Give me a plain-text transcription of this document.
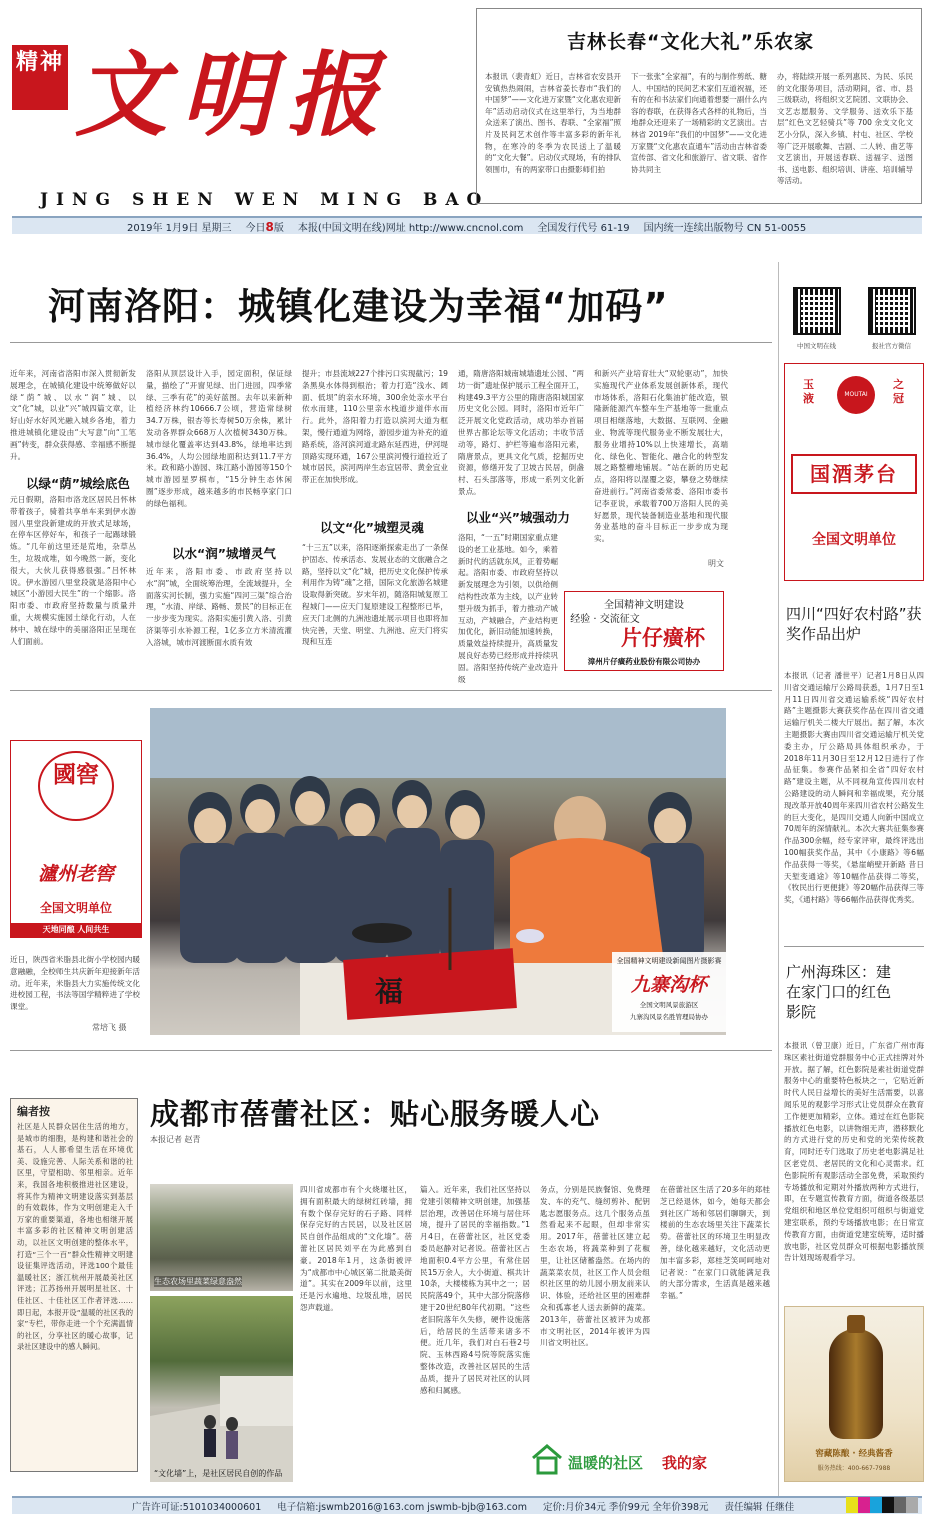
精神 文明报
JING SHEN WEN MING BAO
2019年 1月9日 星期三 今日8版 本报(中国文明在线)网址 http://www.cncnol.com 全国发行代号 61-19 国内统一连续出版物号 CN 51-0055
吉林长春“文化大礼”乐农家
本报讯（裴青虹）近日，吉林省农安县开安镇热热闹闹，吉林省姜长春市“我们的中国梦”——文化进万家暨“文化惠农迎新年”活动启动仪式在这里举行，为当地群众送来了演出、图书、春联、“全家福”照片及民间艺术创作等丰富多彩的新年礼物，在寒冷的冬季为农民送上了温暖的“文化大餐”。启动仪式现场，有的排队领围巾，有的两家带口由摄影师们拍
下一张张“全家福”，有的与制作剪纸、糖人、中国结的民间艺术家们互道祝福，还有的在和书法家们向通着想要一副什么内容的春联，在获得各式各样的礼物后，当地群众还迎来了一场精彩的文艺演出。吉林省 2019年“我们的中国梦”——文化进万家暨“文化惠农直通车”活动由吉林省委宣传部、省文化和旅游厅、省文联、省作协共同主
办，将陆续开展一系列惠民、为民、乐民的文化服务项目，活动期间，省、市、县三级联动，将组织文艺院团、文联协会、文艺志愿服务、文学服务、送欢乐下基层“红色文艺轻骑兵”等 700 余支文化文艺小分队，深入乡镇、村屯、社区、学校等广泛开展歌舞、吉剧、二人转、曲艺等文艺演出，开展送春联、送福字、送图书、送电影、组织培训、讲座、培训辅导等活动。
河南洛阳：城镇化建设为幸福“加码”
近年来，河南省洛阳市深入贯彻新发展理念，在城镇化建设中统筹做好以绿“荫”城、以水“润”城、以文“化”城，以业“兴”城四篇文章，让好山好水好风光融入城乡各地，着力推进城镇化建设由“大写意”向“工笔画”转变，群众获得感、幸福感不断提升。
以绿“荫”城绘底色
元日假期，洛阳市洛龙区居民吕怀林带着孩子，骑着共享单车来到伊水游园八里堂段新建成的开放式足球场，在停车区停好车，和孩子一起踢球锻炼。“几年前这里还是荒地，杂草丛生，垃圾成堆，如今晚然一新，变化很大，大伙儿获得感很强。”吕怀林说。伊水游园八里堂段就是洛阳中心城区“小游园大民生”的一个缩影。洛阳市委、市政府坚持数量与质量并重，大规模实施园土绿化行动，人在林中、城在绿中的美丽洛阳正呈现在人们面前。
洛阳从顶层设计入手，园定面积，保证绿量，描绘了“开窗见绿、出门进园，四季常绿、三季有花”的美好蓝图。去年以来新种植经济林约10666.7公顷，营造常绿树34.7万株，银杏等长寿树50万余株，累计发动各界群众668万人次植树3430万株。城市绿化覆盖率达到43.8%，绿地率达到36.4%，人均公园绿地面积达到11.7平方米。政和路小游园、珠江路小游园等150个城市游园星罗棋布，“15分钟生态休闲圈”逐步形成，越来越多的市民畅享家门口的绿色福利。
以水“润”城增灵气
近年来，洛阳市委、市政府坚持以水“润”城，全面统筹治理，全流域提升，全面落实河长制，强力实施“四河三渠”综合治理，“水清、岸绿、路畅、景民”的目标正在一步步变为现实。洛阳实施引黄入洛、引黄济渠等引水补源工程，1亿多立方米清流灌入洛城，城市河渡断面水质有效
提升；市县流域227个排污口实现截污；19条黑臭水体得到根治；着力打造“浅水、阔面、低坝”的亲水环境，300余处亲水平台依水而建，110公里亲水栈道步道伴水而行。此外，洛阳着力打造以滨河大道为框架，慢行通道为网络，游园步道为补充的道路系统，洛河滨河道北路东延西进，伊河堤顶路实现环通，167公里滨河慢行道拉近了城市居民，滨河两岸生态宜居带、黄金宜业带正在加快形成。
以文“化”城塑灵魂
“十三五”以来，洛阳逐渐探索走出了一条保护固态、传承活态、发展业态的文旅融合之路，坚持以文“化”城，把历史文化保护传承利用作为铸“魂”之措，国际文化旅游名城建设取得新突破。岁末年初，随洛阳城复原工程城门——应天门复原建设工程整形已毕，应天门北侧的九洲池遗址展示项目也即将加快完善，天堂、明堂、九洲池、应天门将实现和互连
通，隋唐洛阳城南城墙遗址公园、“两坊一街”遗址保护展示工程全面开工，构建49.3平方公里的隋唐洛阳城国家历史文化公园。同时，洛阳市近年广泛开展文化党政活动，成功举办首届世界古都论坛等文化活动；丰收节活动等，路灯、护栏等遍布洛阳元素，隋唐景点，更具文化气质，挖掘历史资源，修缮开发了卫坡古民居，倒盏村、石头部落等，形成一系列文化新景点。
以业“兴”城强动力
洛阳，“一五”时期国家重点建设的老工业基地。如今，乘着新时代的活就东风，正着势崛起。洛阳市委、市政府坚持以新发展理念为引领，以供给侧结构性改革为主线，以产业转型升级为抓手，着力推动产城互动，产城融合，产业结构更加优化，新旧动能加速转换，质量效益持续提升，高质量发展良好态势已经形成并持续巩固。洛阳坚持传统产业改造升级
和新兴产业培育壮大“双轮驱动”，加快实施现代产业体系发展创新体系，现代市场体系，洛阳石化集油扩能改造，银隆新能源汽车整车生产基地等一批重点项目相继落地，大数据、互联网、金融业、物流等现代服务业不断发展壮大，服务业增持10%以上快速增长，高端化、绿色化、智能化、融合化的转型发展之路整槽地铺展。“站在新的历史起点，洛阳将以湿覆之姿，攀登之势继续奋进前行。”河南省委常委、洛阳市委书记李亚说，承载着700万洛阳人民的美好愿景，现代装备制造业基地和现代服务业基地的奋斗目标正一步步成为现实。
明文
全国精神文明建设
经验 · 交流征文
片仔癀杯
漳州片仔癀药业股份有限公司协办
中国文明在线	报社官方微信
玉液	MOUTAI
之冠
国酒茅台
全国文明单位
四川“四好农村路”获奖作品出炉
本报讯（记者 潘世平）记者1月8日从四川省交通运输厅公路局获悉，1月7日至1月11日四川省交通运输系统“四好农村路”主题摄影大赛获奖作品在四川省交通运输厅机关二楼大厅展出。据了解，本次主题摄影大赛由四川省交通运输厅机关党委主办，厅公路局具体组织承办，于2018年11月30日至12月12日进行了作品征集。参赛作品紧扣全省“四好农村路”建设主题，从不同视角宣传四川农村公路建设的动人瞬间和幸福成果，充分展现改革开放40周年来四川省农村公路发生的巨大变化，是四川交通人向新中国成立70周年的深情献礼。本次大赛共征集参赛作品300余幅，经专家评审，最终评选出100幅获奖作品，其中《小康路》等6幅作品获得一等奖，《悬崖峭壁开新路 昔日天堑变通途》等10幅作品获得二等奖，《牧民出行更便捷》等20幅作品获得三等奖，《通村路》等66幅作品获得优秀奖。
广州海珠区：建在家门口的红色影院
本报讯（曾卫康）近日，广东省广州市海珠区素社街道党群服务中心正式挂牌对外开放。据了解，红色影院是素社街道党群服务中心的重要特色板块之一，它贴近新时代人民日益增长的美好生活需要，以喜闻乐见的观影学习形式让党员群众在教育工作便更加精彩，立体。通过在红色影院播放红色电影，以讲物细无声，潜移默化的方式进行党的历史和党的光荣传统教育，同时还专门选取了历史老电影满足社区老党员、老居民的文化和心灵需求。红色影院所有观影活动全部免费，采取预约专场播放和定期对外播放两种方式进行，即，在专题宣传教育方面，街道各级基层党组织和地区单位党组织可组织与街道党建室联系，预约专场播放电影；在日常宣传教育方面，由街道党建室统筹，适时播放电影，社区党员群众可根据电影播放预告计划现场观看学习。
窖藏陈酿 · 经典酱香
服务热线：400-667-7988
國窖
瀘州老窖
全国文明单位
天地同酿 人间共生
近日，陕西省米脂县北街小学校园内暖意融融，全校师生共庆新年迎接新年活动。近年来，米脂县大力实施传统文化进校园工程，书法等国学精粹进了学校课堂。
常培飞 摄
全国精神文明建设新闻图片摄影赛
九寨沟杯
全国文明风景旅游区
九寨沟风景名胜管理局协办
福
编者按
社区是人民群众居住生活的地方，是城市的细胞，是构建和谐社会的基石，人人都希望生活在环境优美、设施完善、人际关系和谐的社区里，守望相助、邻里相亲。近年来，我国各地积极推进社区建设，将其作为精神文明建设落实到基层的有效载体，作为文明创建走入千万家的重要渠道，各地也相继开展丰富多彩的社区精神文明创建活动，以社区文明创建的整体水平，打造“三个一百”群众性精神文明建设征集评选活动，评选100个最佳温暖社区；浙江杭州开展最美社区评选；江苏扬州开展明星社区、十佳社区、十佳社区工作者评选……即日起，本报开设“温暖的社区我的家”专栏，带你走进一个个充满温情的社区，分享社区的暖心故事，记录社区建设中的感人瞬间。
成都市蓓蕾社区：贴心服务暖人心
本报记者 赵青
生态农场里蔬菜绿意盎然
“文化墙”上，是社区居民自创的作品
四川省成都市有个火烧堰社区，拥有面积最大的绿树红砖墙，拥有数个保存完好的石子路、同样保存完好的古民居，以及社区居民自创作品组成的“文化墙”。蓓蕾社区居民刘平在为此感到自豪。2018年1月，这条街被评为“成都市中心城区第二批最美街道”。其实在2009年以前，这里还是污水遍地、垃圾乱堆，居民怨声载道。
篇入。近年来，我们社区坚持以党建引领精神文明创建，加强基层治理，改善居住环境与居住环境，提升了居民的幸福指数。”1月4日，在蓓蕾社区，社区党委委员赵静对记者说。蓓蕾社区占地面积0.4平方公里，有常住居民15万余人，大小街道、棋共计10条，大楼楼栋为其中之一；居民院落49个，其中大部分院落修建于20世纪80年代初期。“这些老旧院落年久失修，硬件设施落后，给居民的生活带来诸多不便。近几年，我们对白石巷2号院、玉林西路4号院等院落实施整体改造，改善社区居民的生活品质，提升了居民对社区的认同感和归属感。
务点，分别是民族餐馆、免费理发、车的充气、缝纫剪补、配钥匙志愿服务点。这几个服务点虽然看起来不起眼，但却非常实用。2017年，蓓蕾社区建立起生态农场，将蔬菜种到了花椒里，让社区储蓄盎然。在场内的蔬菜菜农员，社区工作人员会组织社区里的幼儿园小朋友前来认识、体验，还给社区里的困难群众和孤寡老人送去新鲜的蔬菜。2013年，蓓蕾社区被评为成都市文明社区，2014年被评为四川省文明社区。
在蓓蕾社区生活了20多年的郑桂芝已经退休，如今，她每天都会到社区广场和邻居们聊聊天，到楼前的生态农场里关注下蔬菜长势。蓓蕾社区的环境卫生明显改善，绿化越来越好，文化活动更加丰富多彩，郑桂芝笑呵呵地对记者说：“在家门口就能满足我的大部分需求，生活真是越来越幸福。”
温暖的社区 我的家
广告许可证:5101034000601 电子信箱:jswmb2016@163.com jswmb-bjb@163.com 定价:月价34元 季价99元 全年价398元 责任编辑 任继佳
